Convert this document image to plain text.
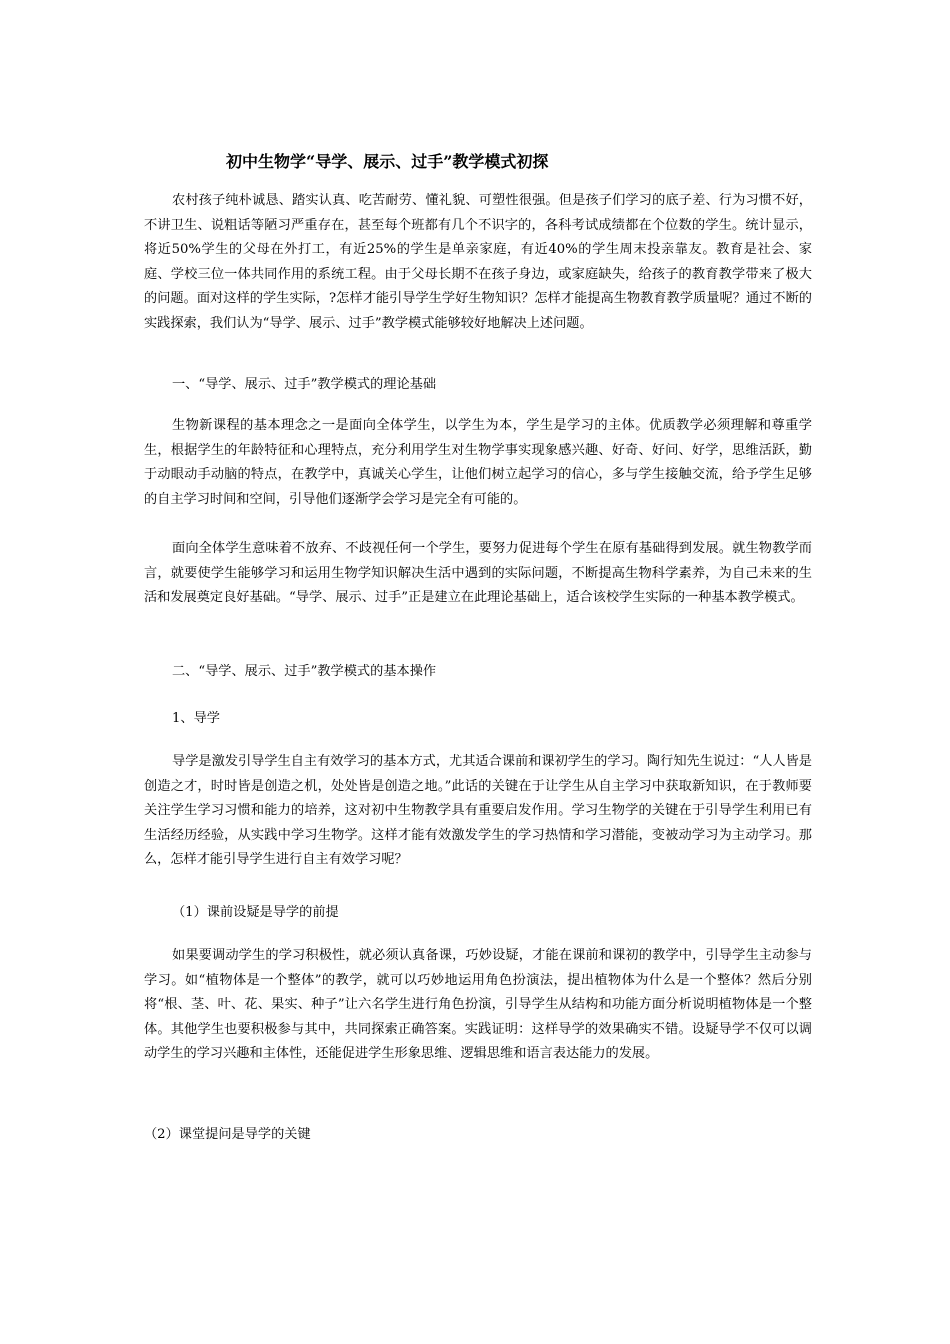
初中生物学“导学、展示、过手”教学模式初探

农村孩子纯朴诚恳、踏实认真、吃苦耐劳、懂礼貌、可塑性很强。但是孩子们学习的底子差、行为习惯不好，不讲卫生、说粗话等陋习严重存在，甚至每个班都有几个不识字的，各科考试成绩都在个位数的学生。统计显示，将近50%学生的父母在外打工，有近25%的学生是单亲家庭，有近40%的学生周末投亲靠友。教育是社会、家庭、学校三位一体共同作用的系统工程。由于父母长期不在孩子身边，或家庭缺失，给孩子的教育教学带来了极大的问题。面对这样的学生实际，?怎样才能引导学生学好生物知识？怎样才能提高生物教育教学质量呢？通过不断的实践探索，我们认为“导学、展示、过手”教学模式能够较好地解决上述问题。

一、“导学、展示、过手”教学模式的理论基础

生物新课程的基本理念之一是面向全体学生，以学生为本，学生是学习的主体。优质教学必须理解和尊重学生，根据学生的年龄特征和心理特点，充分利用学生对生物学事实现象感兴趣、好奇、好问、好学，思维活跃，勤于动眼动手动脑的特点，在教学中，真诚关心学生，让他们树立起学习的信心，多与学生接触交流，给予学生足够的自主学习时间和空间，引导他们逐渐学会学习是完全有可能的。

面向全体学生意味着不放弃、不歧视任何一个学生，要努力促进每个学生在原有基础得到发展。就生物教学而言，就要使学生能够学习和运用生物学知识解决生活中遇到的实际问题，不断提高生物科学素养，为自己未来的生活和发展奠定良好基础。“导学、展示、过手”正是建立在此理论基础上，适合该校学生实际的一种基本教学模式。

二、“导学、展示、过手”教学模式的基本操作
1、导学

导学是激发引导学生自主有效学习的基本方式，尤其适合课前和课初学生的学习。陶行知先生说过：“人人皆是创造之才，时时皆是创造之机，处处皆是创造之地。”此话的关键在于让学生从自主学习中获取新知识，在于教师要关注学生学习习惯和能力的培养，这对初中生物教学具有重要启发作用。学习生物学的关键在于引导学生利用已有生活经历经验，从实践中学习生物学。这样才能有效激发学生的学习热情和学习潜能，变被动学习为主动学习。那么，怎样才能引导学生进行自主有效学习呢？

（1）课前设疑是导学的前提

如果要调动学生的学习积极性，就必须认真备课，巧妙设疑，才能在课前和课初的教学中，引导学生主动参与学习。如“植物体是一个整体”的教学，就可以巧妙地运用角色扮演法，提出植物体为什么是一个整体？然后分别将“根、茎、叶、花、果实、种子”让六名学生进行角色扮演，引导学生从结构和功能方面分析说明植物体是一个整体。其他学生也要积极参与其中，共同探索正确答案。实践证明：这样导学的效果确实不错。设疑导学不仅可以调动学生的学习兴趣和主体性，还能促进学生形象思维、逻辑思维和语言表达能力的发展。

（2）课堂提问是导学的关键
